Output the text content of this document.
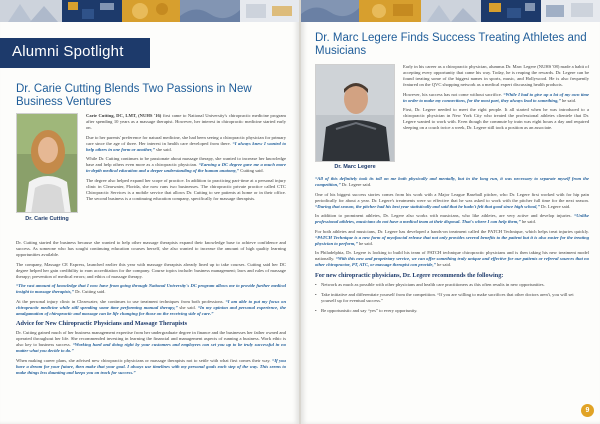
Alumni Spotlight
Dr. Carie Cutting Blends Two Passions in New Business Ventures
Dr. Carie Cutting

Carie Cutting, DC, LMT, (NUHS '16) first came to National University's chiropractic medicine program after spending 10 years as a massage therapist. However, her interest in chiropractic medicine started early on.

Due to her parents' preference for natural medicine, she had been seeing a chiropractic physician for primary care since the age of three. Her interest in health care developed from there. “I always knew I wanted to help others in one form or another,” she said.

While Dr. Cutting continues to be passionate about massage therapy, she wanted to increase her knowledge base and help others even more as a chiropractic physician. “Earning a DC degree gave me a much more in-depth medical education and a deeper understanding of the human anatomy,” Cutting said.

The degree also helped expand her scope of practice. In addition to practicing part-time at a personal injury clinic in Clearwater, Florida, she now runs two businesses. The chiropractic private practice called CTC Chiropractic Services is a mobile service that allows Dr. Cutting to see patients at home or in their office. The second business is a continuing education company, specifically for massage therapists.

Dr. Cutting started the business because she wanted to help other massage therapists expand their knowledge base to achieve confidence and success. As someone who has sought continuing education courses herself, she also wanted to increase the amount of high quality learning opportunities available.

The company, Massage CE Express, launched earlier this year with massage therapists already lined up to take courses. Cutting said her DC degree helped her gain credibility to earn accreditation for the company. Course topics include: business management; laws and rules of massage therapy; prevention of medical errors; and ethics of massage therapy.

“The vast amount of knowledge that I now have from going through National University's DC program allows me to provide further medical insight to massage therapists,” Dr. Cutting said.

At the personal injury clinic in Clearwater, she continues to use treatment techniques from both professions. “I am able to put my focus on chiropractic medicine while still spending some time performing manual therapy,” she said. “In my opinion and personal experience, the amalgamation of chiropractic and massage can be life changing for those on the receiving side of care.”

Advice for New Chiropractic Physicians and Massage Therapists

Dr. Cutting gained much of her business management expertise from her undergraduate degree in finance and the businesses her father owned and operated throughout her life. She recommended investing in learning the financial and management aspects of running a business. Work ethic is also key to business success. “Working hard and doing right by your customers and employees can set you up to be truly successful in no matter what you decide to do.”

When making career plans, she advised new chiropractic physicians or massage therapists not to settle with what first comes their way. “If you have a dream for your future, then make that your goal. I always use timelines with my personal goals each step of the way. This seems to make things less daunting and keeps you on track for success.”

Dr. Marc Legere Finds Success Treating Athletes and Musicians
Dr. Marc Legere

Early in his career as a chiropractic physician, alumnus Dr. Marc Legere (NUHS '08) made a habit of accepting every opportunity that came his way. Today, he is reaping the rewards. Dr. Legere can be found treating some of the biggest names in sports, music, and Hollywood. He is also frequently featured on the QVC shopping network as a medical expert discussing health products.

However, his success has not come without sacrifice. “While I had to give up a lot of my own time in order to make my connections, for the most part, they always lead to something,” he said.

First, Dr. Legere needed to meet the right people. It all started when he was introduced to a chiropractic physician in New York City who treated the professional athletes clientele that Dr. Legere wanted to work with. Even though the commute by train was eight hours a day and required sleeping on a couch twice a week, Dr. Legere still took a position as an associate.

“All of this definitely took its toll on me both physically and mentally, but in the long run, it was necessary to separate myself from the competition,” Dr. Legere said.

One of his biggest success stories comes from his work with a Major League Baseball pitcher, who Dr. Legere first worked with for hip pain periodically for about a year. Dr. Legere's treatments were so effective that he was asked to work with the pitcher full time for the next season. “During that season, the pitcher had his best year statistically and said that he hadn't felt that good since high school,” Dr. Legere said.

In addition to prominent athletes, Dr. Legere also works with musicians, who like athletes, are very active and develop injuries. “Unlike professional athletes, musicians do not have a medical team at their disposal. That's where I can help them,” he said.

For both athletes and musicians, Dr. Legere has developed a hands-on treatment called the PATCH Technique, which helps treat injuries quickly. “PATCH Technique is a new form of myofascial release that not only provides several benefits to the patient but it is also easier for the treating physician to perform,” he said.

In Philadelphia, Dr. Legere is looking to build his team of PATCH technique chiropractic physicians and is then taking his new treatment model nationally. “With this new and proprietary service, we can offer something truly unique and effective for our patients or referral sources that no other chiropractor, PT, ATC, or massage therapist can provide,” he said.

For new chiropractic physicians, Dr. Legere recommends the following:
• Network as much as possible with other physicians and health care practitioners as this often results in new opportunities.
• Take initiative and differentiate yourself from the competition. “If you are willing to make sacrifices that other doctors aren't, you will set yourself up for eventual success.”
• Be opportunistic and say “yes” to every opportunity.
9
